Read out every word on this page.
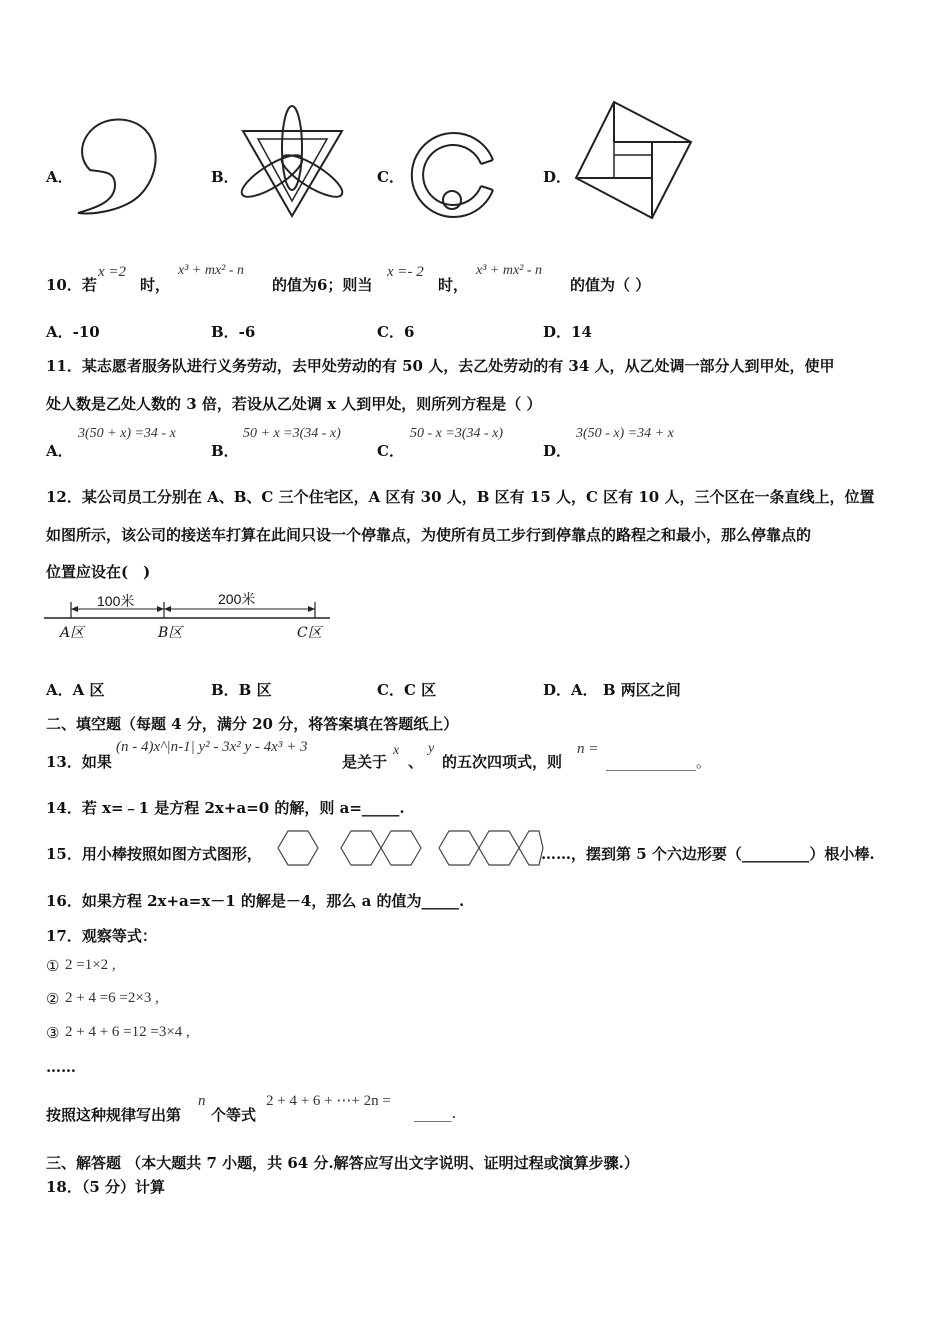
A．	B．	C．	D．
10．若
x =2
时，
x³ + mx² - n
的值为6；则当
x =- 2
时，
x³ + mx² - n
的值为（ ）
A．-10	B．-6	C．6	D．14
11．某志愿者服务队进行义务劳动，去甲处劳动的有 50 人，去乙处劳动的有 34 人，从乙处调一部分人到甲处，使甲
处人数是乙处人数的 3 倍，若设从乙处调 x 人到甲处，则所列方程是（ ）
A．
3(50 + x) =34 - x
B．
50 + x =3(34 - x)
C．
50 - x =3(34 - x)
D．
3(50 - x) =34 + x
12．某公司员工分别在 A、B、C 三个住宅区，A 区有 30 人，B 区有 15 人，C 区有 10 人，三个区在一条直线上，位置
如图所示，该公司的接送车打算在此间只设一个停靠点，为使所有员工步行到停靠点的路程之和最小，那么停靠点的
位置应设在(　)
100米	200米
A区	B区	C区
A．A 区	B．B 区	C．C 区	D．A． B 两区之间
二、填空题（每题 4 分，满分 20 分，将答案填在答题纸上）
13．如果
(n - 4)x^|n-1| y² - 3x² y - 4x³ + 3
是关于
x
、
y
的五次四项式，则
n =
____________。
14．若 x=﹣1 是方程 2x+a=0 的解，则 a=_____.
15．用小棒按照如图方式图形，	……，摆到第 5 个六边形要（_________）根小棒.
16．如果方程 2x+a=x－1 的解是－4，那么 a 的值为_____.
17．观察等式：
① 2 =1×2 ,
② 2 + 4 =6 =2×3 ,
③ 2 + 4 + 6 =12 =3×4 ,
……
按照这种规律写出第
n
个等式
2 + 4 + 6 + ⋯+ 2n =
_____.
三、解答题 （本大题共 7 小题，共 64 分.解答应写出文字说明、证明过程或演算步骤.）
18．（5 分）计算
